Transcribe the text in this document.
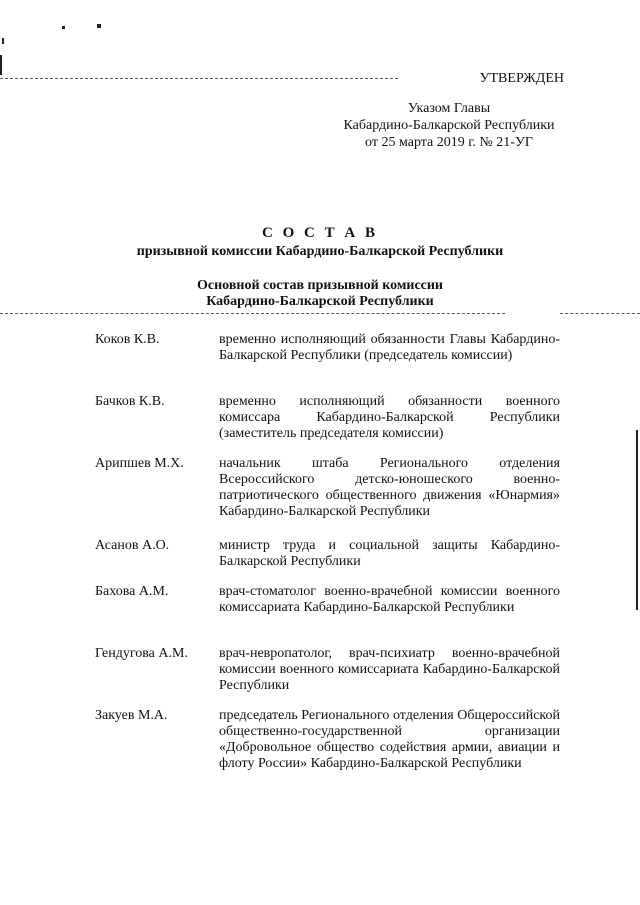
УТВЕРЖДЕН
Указом Главы
Кабардино-Балкарской Республики
от 25 марта 2019 г. № 21-УГ
С О С Т А В
призывной комиссии Кабардино-Балкарской Республики
Основной состав призывной комиссии
Кабардино-Балкарской Республики
Коков К.В.	временно исполняющий обязанности Главы Кабардино-Балкарской Республики (председатель комиссии)
Бачков К.В.	временно исполняющий обязанности военного комиссара Кабардино-Балкарской Республики (заместитель председателя комиссии)
Арипшев М.Х.	начальник штаба Регионального отделения Всероссийского детско-юношеского военно-патриотического общественного движения «Юнармия» Кабардино-Балкарской Республики
Асанов А.О.	министр труда и социальной защиты Кабардино-Балкарской Республики
Бахова А.М.	врач-стоматолог военно-врачебной комиссии военного комиссариата Кабардино-Балкарской Республики
Гендугова А.М.	врач-невропатолог, врач-психиатр военно-врачебной комиссии военного комиссариата Кабардино-Балкарской Республики
Закуев М.А.	председатель Регионального отделения Общероссийской общественно-государственной организации «Добровольное общество содействия армии, авиации и флоту России» Кабардино-Балкарской Республики
